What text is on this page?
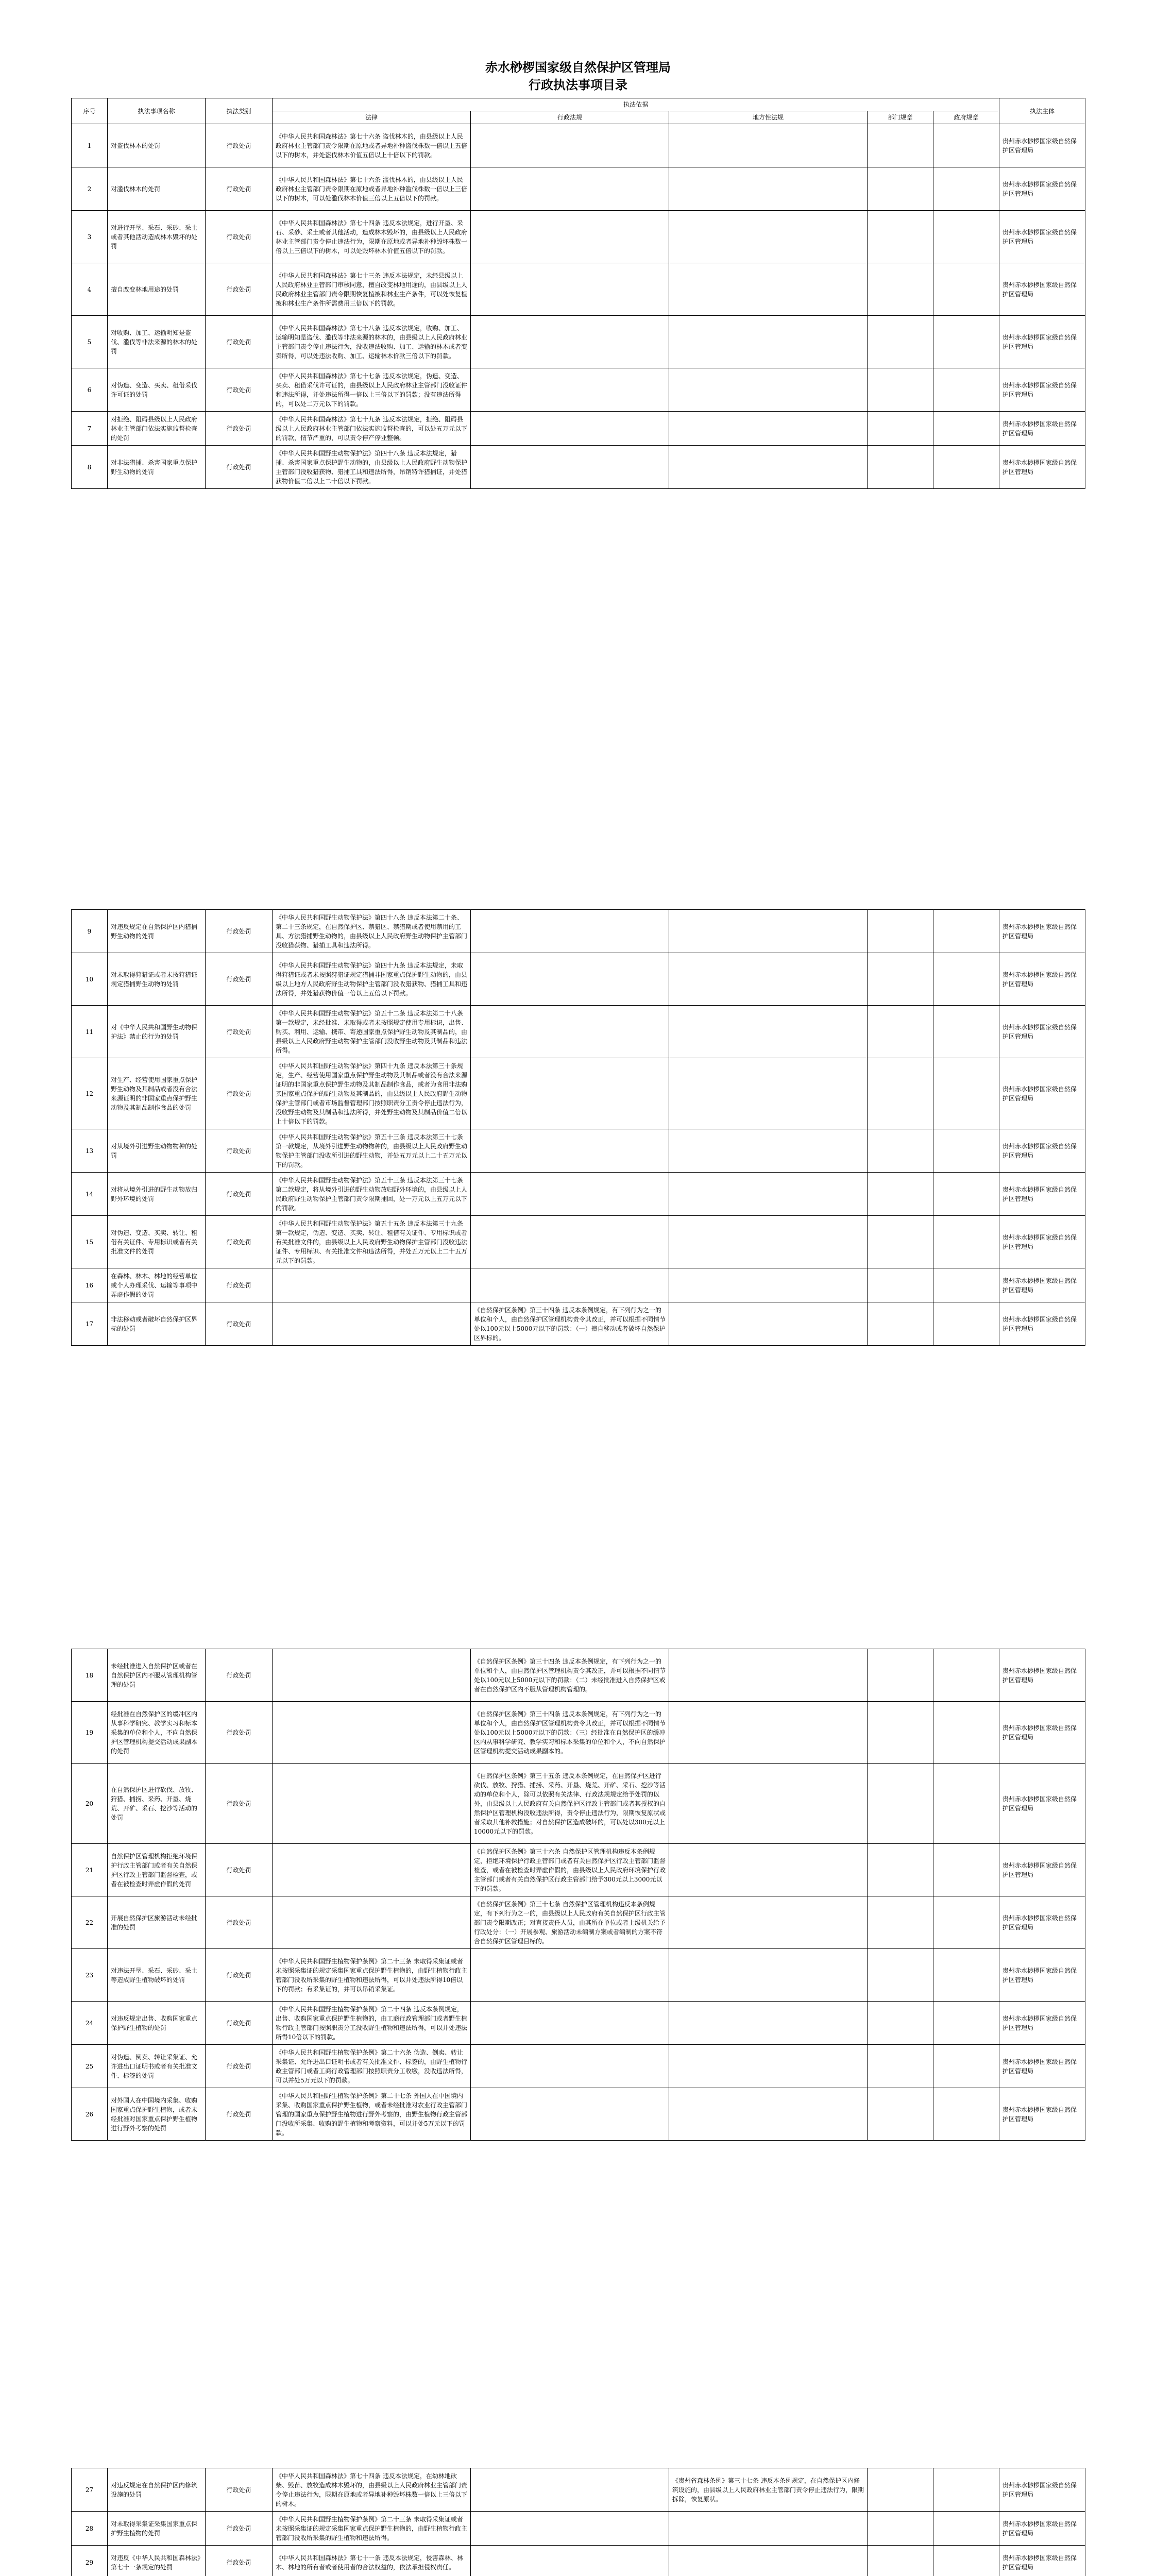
赤水桫椤国家级自然保护区管理局
行政执法事项目录
序号	执法事项名称	执法类别	执法依据					执法主体
			法律	行政法规	地方性法规	部门规章	政府规章	
1	对盗伐林木的处罚	行政处罚	《中华人民共和国森林法》第七十六条 盗伐林木的，由县级以上人民政府林业主管部门责令限期在原地或者异地补种盗伐株数一倍以上五倍以下的树木，并处盗伐林木价值五倍以上十倍以下的罚款。					贵州赤水桫椤国家级自然保护区管理局
2	对滥伐林木的处罚	行政处罚	《中华人民共和国森林法》第七十六条 滥伐林木的，由县级以上人民政府林业主管部门责令限期在原地或者异地补种滥伐株数一倍以上三倍以下的树木，可以处滥伐林木价值三倍以上五倍以下的罚款。					贵州赤水桫椤国家级自然保护区管理局
3	对进行开垦、采石、采砂、采土或者其他活动造成林木毁坏的处罚	行政处罚	《中华人民共和国森林法》第七十四条 违反本法规定，进行开垦、采石、采砂、采土或者其他活动，造成林木毁坏的，由县级以上人民政府林业主管部门责令停止违法行为，限期在原地或者异地补种毁坏株数一倍以上三倍以下的树木，可以处毁坏林木价值五倍以下的罚款。					贵州赤水桫椤国家级自然保护区管理局
4	擅自改变林地用途的处罚	行政处罚	《中华人民共和国森林法》第七十三条 违反本法规定，未经县级以上人民政府林业主管部门审核同意，擅自改变林地用途的，由县级以上人民政府林业主管部门责令限期恢复植被和林业生产条件，可以处恢复植被和林业生产条件所需费用三倍以下的罚款。					贵州赤水桫椤国家级自然保护区管理局
5	对收购、加工、运输明知是盗伐、滥伐等非法来源的林木的处罚	行政处罚	《中华人民共和国森林法》第七十八条 违反本法规定，收购、加工、运输明知是盗伐、滥伐等非法来源的林木的，由县级以上人民政府林业主管部门责令停止违法行为，没收违法收购、加工、运输的林木或者变卖所得，可以处违法收购、加工、运输林木价款三倍以下的罚款。					贵州赤水桫椤国家级自然保护区管理局
6	对伪造、变造、买卖、租借采伐许可证的处罚	行政处罚	《中华人民共和国森林法》第七十七条 违反本法规定，伪造、变造、买卖、租借采伐许可证的，由县级以上人民政府林业主管部门没收证件和违法所得，并处违法所得一倍以上三倍以下的罚款；没有违法所得的，可以处二万元以下的罚款。					贵州赤水桫椤国家级自然保护区管理局
7	对拒绝、阻碍县级以上人民政府林业主管部门依法实施监督检查的处罚	行政处罚	《中华人民共和国森林法》第七十九条 违反本法规定，拒绝、阻碍县级以上人民政府林业主管部门依法实施监督检查的，可以处五万元以下的罚款，情节严重的，可以责令停产停业整顿。					贵州赤水桫椤国家级自然保护区管理局
8	对非法猎捕、杀害国家重点保护野生动物的处罚	行政处罚	《中华人民共和国野生动物保护法》第四十八条 违反本法规定，猎捕、杀害国家重点保护野生动物的，由县级以上人民政府野生动物保护主管部门没收猎获物、猎捕工具和违法所得，吊销特许猎捕证，并处猎获物价值二倍以上二十倍以下罚款。					贵州赤水桫椤国家级自然保护区管理局
9	对违反规定在自然保护区内猎捕野生动物的处罚	行政处罚	《中华人民共和国野生动物保护法》第四十八条 违反本法第二十条、第二十三条规定，在自然保护区、禁猎区、禁猎期或者使用禁用的工具、方法猎捕野生动物的，由县级以上人民政府野生动物保护主管部门没收猎获物、猎捕工具和违法所得。					贵州赤水桫椤国家级自然保护区管理局
10	对未取得狩猎证或者未按狩猎证规定猎捕野生动物的处罚	行政处罚	《中华人民共和国野生动物保护法》第四十九条 违反本法规定，未取得狩猎证或者未按照狩猎证规定猎捕非国家重点保护野生动物的，由县级以上地方人民政府野生动物保护主管部门没收猎获物、猎捕工具和违法所得，并处猎获物价值一倍以上五倍以下罚款。					贵州赤水桫椤国家级自然保护区管理局
11	对《中华人民共和国野生动物保护法》禁止的行为的处罚	行政处罚	《中华人民共和国野生动物保护法》第五十二条 违反本法第二十八条第一款规定，未经批准、未取得或者未按照规定使用专用标识，出售、购买、利用、运输、携带、寄递国家重点保护野生动物及其制品的，由县级以上人民政府野生动物保护主管部门没收野生动物及其制品和违法所得。					贵州赤水桫椤国家级自然保护区管理局
12	对生产、经营使用国家重点保护野生动物及其制品或者没有合法来源证明的非国家重点保护野生动物及其制品制作食品的处罚	行政处罚	《中华人民共和国野生动物保护法》第四十九条 违反本法第三十条规定，生产、经营使用国家重点保护野生动物及其制品或者没有合法来源证明的非国家重点保护野生动物及其制品制作食品，或者为食用非法购买国家重点保护的野生动物及其制品的，由县级以上人民政府野生动物保护主管部门或者市场监督管理部门按照职责分工责令停止违法行为，没收野生动物及其制品和违法所得，并处野生动物及其制品价值二倍以上十倍以下的罚款。					贵州赤水桫椤国家级自然保护区管理局
13	对从境外引进野生动物物种的处罚	行政处罚	《中华人民共和国野生动物保护法》第五十三条 违反本法第三十七条第一款规定，从境外引进野生动物物种的，由县级以上人民政府野生动物保护主管部门没收所引进的野生动物，并处五万元以上二十五万元以下的罚款。					贵州赤水桫椤国家级自然保护区管理局
14	对将从境外引进的野生动物放归野外环境的处罚	行政处罚	《中华人民共和国野生动物保护法》第五十三条 违反本法第三十七条第二款规定，将从境外引进的野生动物放归野外环境的，由县级以上人民政府野生动物保护主管部门责令限期捕回，处一万元以上五万元以下的罚款。					贵州赤水桫椤国家级自然保护区管理局
15	对伪造、变造、买卖、转让、租借有关证件、专用标识或者有关批准文件的处罚	行政处罚	《中华人民共和国野生动物保护法》第五十五条 违反本法第三十九条第一款规定，伪造、变造、买卖、转让、租借有关证件、专用标识或者有关批准文件的，由县级以上人民政府野生动物保护主管部门没收违法证件、专用标识、有关批准文件和违法所得，并处五万元以上二十五万元以下的罚款。					贵州赤水桫椤国家级自然保护区管理局
16	在森林、林木、林地的经营单位或个人办理采伐、运输等事项中弄虚作假的处罚	行政处罚						贵州赤水桫椤国家级自然保护区管理局
17	非法移动或者破坏自然保护区界标的处罚	行政处罚		《自然保护区条例》第三十四条 违反本条例规定，有下列行为之一的单位和个人，由自然保护区管理机构责令其改正，并可以根据不同情节处以100元以上5000元以下的罚款：（一）擅自移动或者破坏自然保护区界标的。				贵州赤水桫椤国家级自然保护区管理局
18	未经批准进入自然保护区或者在自然保护区内不服从管理机构管理的处罚	行政处罚		《自然保护区条例》第三十四条 违反本条例规定，有下列行为之一的单位和个人，由自然保护区管理机构责令其改正，并可以根据不同情节处以100元以上5000元以下的罚款：（二）未经批准进入自然保护区或者在自然保护区内不服从管理机构管理的。				贵州赤水桫椤国家级自然保护区管理局
19	经批准在自然保护区的缓冲区内从事科学研究、教学实习和标本采集的单位和个人，不向自然保护区管理机构提交活动成果副本的处罚	行政处罚		《自然保护区条例》第三十四条 违反本条例规定，有下列行为之一的单位和个人，由自然保护区管理机构责令其改正，并可以根据不同情节处以100元以上5000元以下的罚款：（三）经批准在自然保护区的缓冲区内从事科学研究、教学实习和标本采集的单位和个人，不向自然保护区管理机构提交活动成果副本的。				贵州赤水桫椤国家级自然保护区管理局
20	在自然保护区进行砍伐、放牧、狩猎、捕捞、采药、开垦、烧荒、开矿、采石、挖沙等活动的处罚	行政处罚		《自然保护区条例》第三十五条 违反本条例规定，在自然保护区进行砍伐、放牧、狩猎、捕捞、采药、开垦、烧荒、开矿、采石、挖沙等活动的单位和个人，除可以依照有关法律、行政法规规定给予处罚的以外，由县级以上人民政府有关自然保护区行政主管部门或者其授权的自然保护区管理机构没收违法所得，责令停止违法行为，限期恢复原状或者采取其他补救措施；对自然保护区造成破坏的，可以处以300元以上10000元以下的罚款。				贵州赤水桫椤国家级自然保护区管理局
21	自然保护区管理机构拒绝环境保护行政主管部门或者有关自然保护区行政主管部门监督检查，或者在被检查时弄虚作假的处罚	行政处罚		《自然保护区条例》第三十六条 自然保护区管理机构违反本条例规定，拒绝环境保护行政主管部门或者有关自然保护区行政主管部门监督检查，或者在被检查时弄虚作假的，由县级以上人民政府环境保护行政主管部门或者有关自然保护区行政主管部门给予300元以上3000元以下的罚款。				贵州赤水桫椤国家级自然保护区管理局
22	开展自然保护区旅游活动未经批准的处罚	行政处罚		《自然保护区条例》第三十七条 自然保护区管理机构违反本条例规定，有下列行为之一的，由县级以上人民政府有关自然保护区行政主管部门责令限期改正；对直接责任人员，由其所在单位或者上级机关给予行政处分：（一）开展参观、旅游活动未编制方案或者编制的方案不符合自然保护区管理目标的。				贵州赤水桫椤国家级自然保护区管理局
23	对违法开垦、采石、采砂、采土等造成野生植物破坏的处罚	行政处罚	《中华人民共和国野生植物保护条例》第二十三条 未取得采集证或者未按照采集证的规定采集国家重点保护野生植物的，由野生植物行政主管部门没收所采集的野生植物和违法所得，可以并处违法所得10倍以下的罚款；有采集证的，并可以吊销采集证。					贵州赤水桫椤国家级自然保护区管理局
24	对违反规定出售、收购国家重点保护野生植物的处罚	行政处罚	《中华人民共和国野生植物保护条例》第二十四条 违反本条例规定，出售、收购国家重点保护野生植物的，由工商行政管理部门或者野生植物行政主管部门按照职责分工没收野生植物和违法所得，可以并处违法所得10倍以下的罚款。					贵州赤水桫椤国家级自然保护区管理局
25	对伪造、倒卖、转让采集证、允许进出口证明书或者有关批准文件、标签的处罚	行政处罚	《中华人民共和国野生植物保护条例》第二十六条 伪造、倒卖、转让采集证、允许进出口证明书或者有关批准文件、标签的，由野生植物行政主管部门或者工商行政管理部门按照职责分工收缴，没收违法所得，可以并处5万元以下的罚款。					贵州赤水桫椤国家级自然保护区管理局
26	对外国人在中国境内采集、收购国家重点保护野生植物，或者未经批准对国家重点保护野生植物进行野外考察的处罚	行政处罚	《中华人民共和国野生植物保护条例》第二十七条 外国人在中国境内采集、收购国家重点保护野生植物，或者未经批准对农业行政主管部门管理的国家重点保护野生植物进行野外考察的，由野生植物行政主管部门没收所采集、收购的野生植物和考察资料，可以并处5万元以下的罚款。					贵州赤水桫椤国家级自然保护区管理局
27	对违反规定在自然保护区内修筑设施的处罚	行政处罚	《中华人民共和国森林法》第七十四条 违反本法规定，在幼林地砍柴、毁苗、放牧造成林木毁坏的，由县级以上人民政府林业主管部门责令停止违法行为，限期在原地或者异地补种毁坏株数一倍以上三倍以下的树木。		《贵州省森林条例》第三十七条 违反本条例规定，在自然保护区内修筑设施的，由县级以上人民政府林业主管部门责令停止违法行为，限期拆除，恢复原状。			贵州赤水桫椤国家级自然保护区管理局
28	对未取得采集证采集国家重点保护野生植物的处罚	行政处罚	《中华人民共和国野生植物保护条例》第二十三条 未取得采集证或者未按照采集证的规定采集国家重点保护野生植物的，由野生植物行政主管部门没收所采集的野生植物和违法所得。					贵州赤水桫椤国家级自然保护区管理局
29	对违反《中华人民共和国森林法》第七十一条规定的处罚	行政处罚	《中华人民共和国森林法》第七十一条 违反本法规定，侵害森林、林木、林地的所有者或者使用者的合法权益的，依法承担侵权责任。					贵州赤水桫椤国家级自然保护区管理局
